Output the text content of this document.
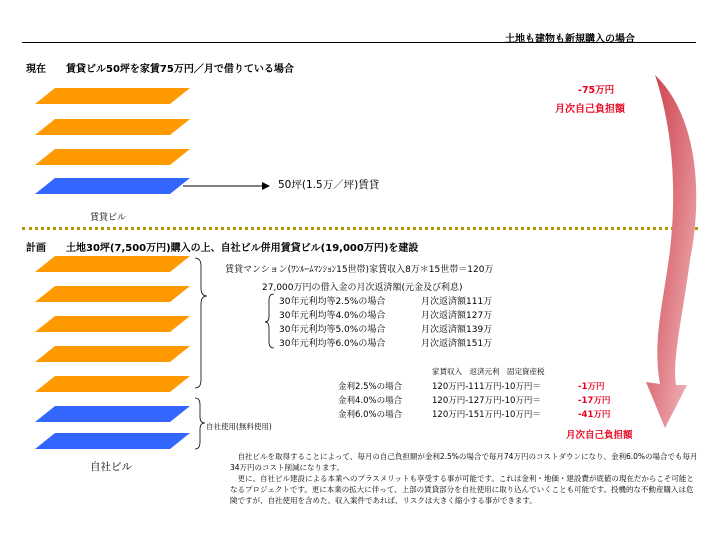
土地も建物も新規購入の場合
現在 賃貸ビル50坪を家賃75万円／月で借りている場合
-75万円
月次自己負担額
50坪(1.5万／坪)賃貸
賃貸ビル
計画 土地30坪(7,500万円)購入の上、自社ビル併用賃貸ビル(19,000万円)を建設
賃貸マンション(ﾜﾝﾙｰﾑﾏﾝｼｮﾝ15世帯)家賃収入8万＊15世帯＝120万
27,000万円の借入金の月次返済額(元金及び利息)
30年元利均等2.5%の場合	月次返済額111万
30年元利均等4.0%の場合	月次返済額127万
30年元利均等5.0%の場合	月次返済額139万
30年元利均等6.0%の場合	月次返済額151万
家賃収入　返済元利　固定資産税
金利2.5%の場合	120万円-111万円-10万円＝	-1万円
金利4.0%の場合	120万円-127万円-10万円＝	-17万円
金利6.0%の場合	120万円-151万円-10万円＝	-41万円
月次自己負担額
自社使用(無料使用)
自社ビル

自社ビルを取得することによって、毎月の自己負担額が金利2.5%の場合で毎月74万円のコストダウンになり、金利6.0%の場合でも毎月34万円のコスト削減になります。

更に、自社ビル建設による本業へのプラスメリットも享受する事が可能です。これは金利・地価・建設費が底値の現在だからこそ可能となるプロジェクトです。更に本業の拡大に伴って、上部の賃貸部分を自社使用に取り込んでいくことも可能です。投機的な不動産購入は危険ですが、自社使用を含めた、収入案件であれば、リスクは大きく縮小する事ができます。
